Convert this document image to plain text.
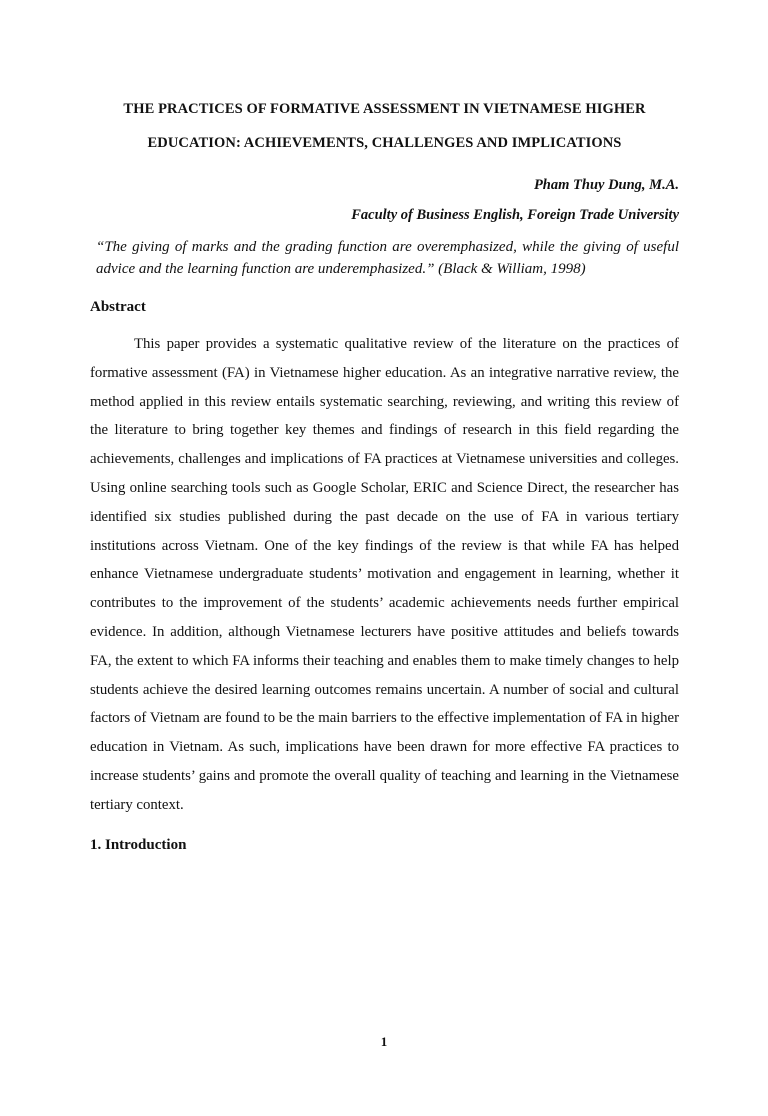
THE PRACTICES OF FORMATIVE ASSESSMENT IN VIETNAMESE HIGHER
EDUCATION: ACHIEVEMENTS, CHALLENGES AND IMPLICATIONS
Pham Thuy Dung, M.A.
Faculty of Business English, Foreign Trade University
“The giving of marks and the grading function are overemphasized, while the giving of useful advice and the learning function are underemphasized.” (Black & William, 1998)
Abstract
This paper provides a systematic qualitative review of the literature on the practices of formative assessment (FA) in Vietnamese higher education. As an integrative narrative review, the method applied in this review entails systematic searching, reviewing, and writing this review of the literature to bring together key themes and findings of research in this field regarding the achievements, challenges and implications of FA practices at Vietnamese universities and colleges. Using online searching tools such as Google Scholar, ERIC and Science Direct, the researcher has identified six studies published during the past decade on the use of FA in various tertiary institutions across Vietnam. One of the key findings of the review is that while FA has helped enhance Vietnamese undergraduate students’ motivation and engagement in learning, whether it contributes to the improvement of the students’ academic achievements needs further empirical evidence. In addition, although Vietnamese lecturers have positive attitudes and beliefs towards FA, the extent to which FA informs their teaching and enables them to make timely changes to help students achieve the desired learning outcomes remains uncertain. A number of social and cultural factors of Vietnam are found to be the main barriers to the effective implementation of FA in higher education in Vietnam. As such, implications have been drawn for more effective FA practices to increase students’ gains and promote the overall quality of teaching and learning in the Vietnamese tertiary context.
1. Introduction
1
